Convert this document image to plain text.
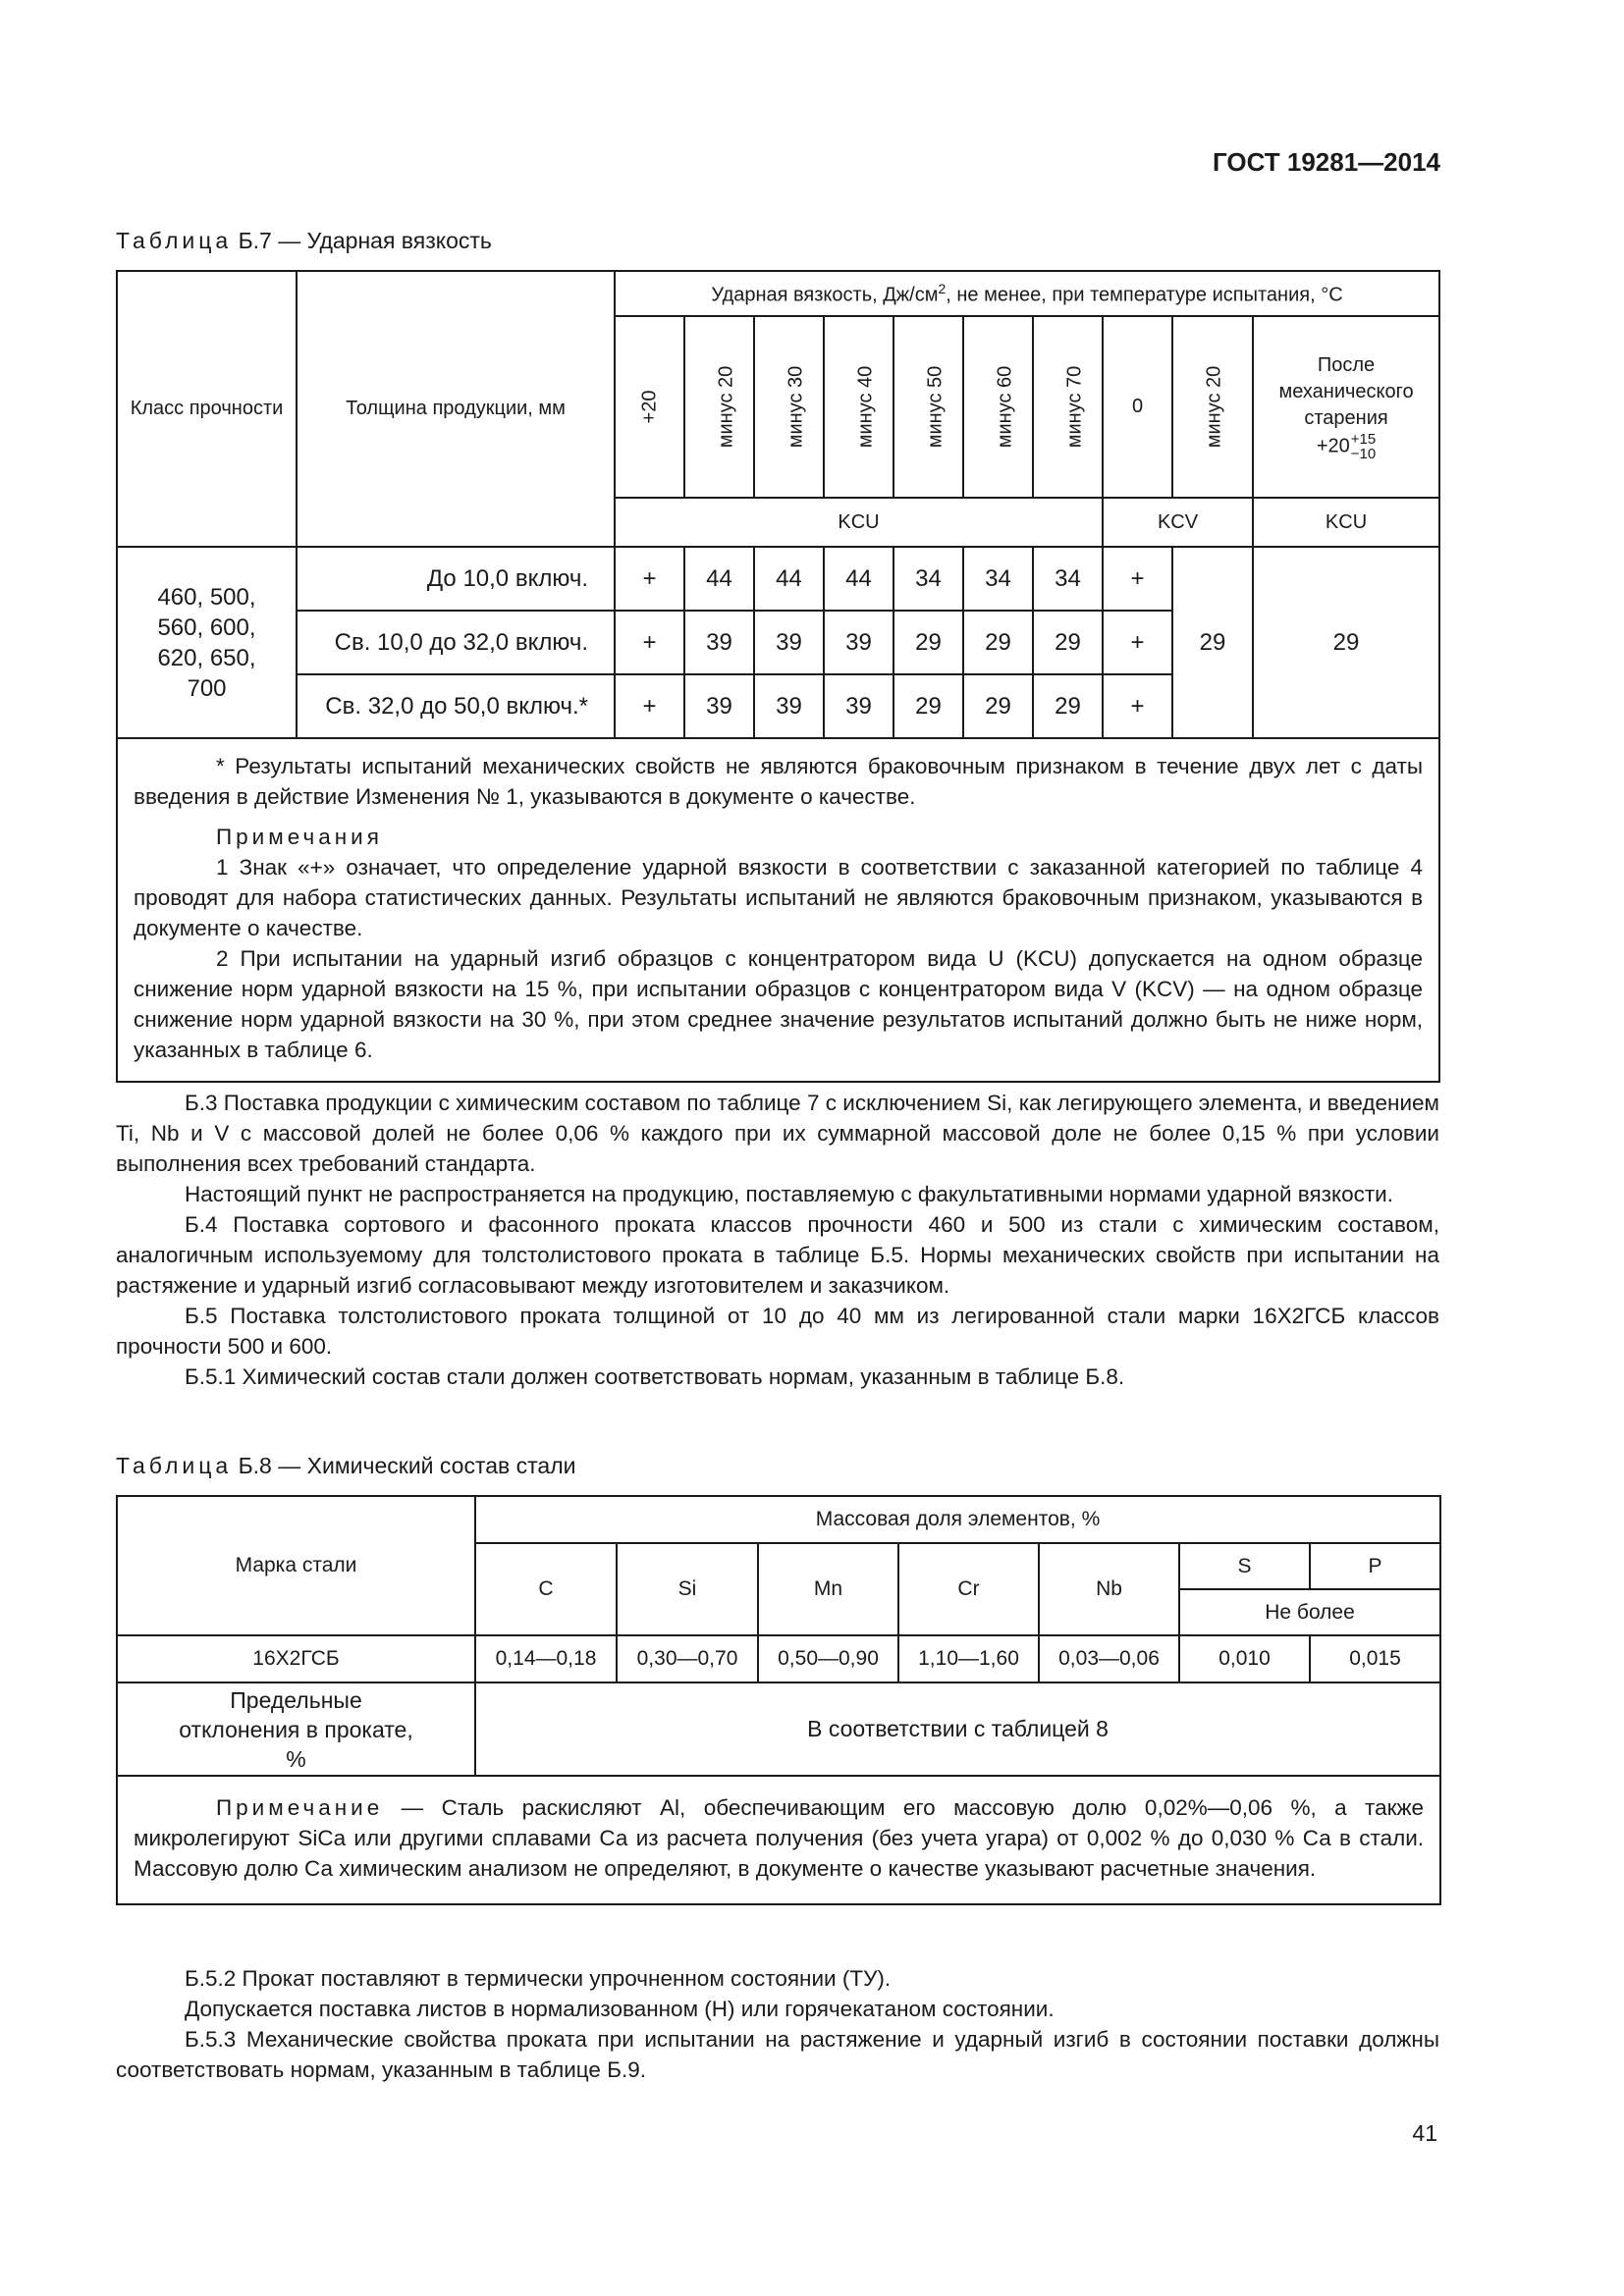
ГОСТ 19281—2014
Таблица Б.7 — Ударная вязкость
Класс прочности	Толщина продукции, мм	Ударная вязкость, $Дж/см^2$, не менее, при температуре испытания, °С									
		+20	минус 20	минус 30	минус 40	минус 50	минус 60	минус 70	0	минус 20	После механического старения
+20 +15
−10

		KCU							KCV		KCU
460, 500, 560, 600, 620, 650, 700	До 10,0 включ.	+	44	44	44	34	34	34	+	29	29
	Св. 10,0 до 32,0 включ.	+	39	39	39	29	29	29	+		
	Св. 32,0 до 50,0 включ.*	+	39	39	39	29	29	29	+		

* Результаты испытаний механических свойств не являются браковочным признаком в течение двух лет с даты введения в действие Изменения № 1, указываются в документе о качестве.

Примечания

1 Знак «+» означает, что определение ударной вязкости в соответствии с заказанной категорией по таблице 4 проводят для набора статистических данных. Результаты испытаний не являются браковочным признаком, указываются в документе о качестве.

2 При испытании на ударный изгиб образцов с концентратором вида U (KCU) допускается на одном образце снижение норм ударной вязкости на 15 %, при испытании образцов с концентратором вида V (KCV) — на одном образце снижение норм ударной вязкости на 30 %, при этом среднее значение результатов испытаний должно быть не ниже норм, указанных в таблице 6.											

Б.3 Поставка продукции с химическим составом по таблице 7 с исключением Si, как легирующего элемента, и введением Ti, Nb и V с массовой долей не более 0,06 % каждого при их суммарной массовой доле не более 0,15 % при условии выполнения всех требований стандарта.

Настоящий пункт не распространяется на продукцию, поставляемую с факультативными нормами ударной вязкости.

Б.4 Поставка сортового и фасонного проката классов прочности 460 и 500 из стали с химическим составом, аналогичным используемому для толстолистового проката в таблице Б.5. Нормы механических свойств при испытании на растяжение и ударный изгиб согласовывают между изготовителем и заказчиком.

Б.5 Поставка толстолистового проката толщиной от 10 до 40 мм из легированной стали марки 16Х2ГСБ классов прочности 500 и 600.

Б.5.1 Химический состав стали должен соответствовать нормам, указанным в таблице Б.8.

Таблица Б.8 — Химический состав стали
Марка стали	Массовая доля элементов, %						
	C	Si	Mn	Cr	Nb	S	P
						Не более	
16Х2ГСБ	0,14—0,18	0,30—0,70	0,50—0,90	1,10—1,60	0,03—0,06	0,010	0,015
Предельные отклонения в прокате, %	В соответствии с таблицей 8						

Примечание — Сталь раскисляют Al, обеспечивающим его массовую долю 0,02%—0,06 %, а также микролегируют SiCa или другими сплавами Са из расчета получения (без учета угара) от 0,002 % до 0,030 % Са в стали. Массовую долю Са химическим анализом не определяют, в документе о качестве указывают расчетные значения.							

Б.5.2 Прокат поставляют в термически упрочненном состоянии (ТУ).

Допускается поставка листов в нормализованном (Н) или горячекатаном состоянии.

Б.5.3 Механические свойства проката при испытании на растяжение и ударный изгиб в состоянии поставки должны соответствовать нормам, указанным в таблице Б.9.

41
